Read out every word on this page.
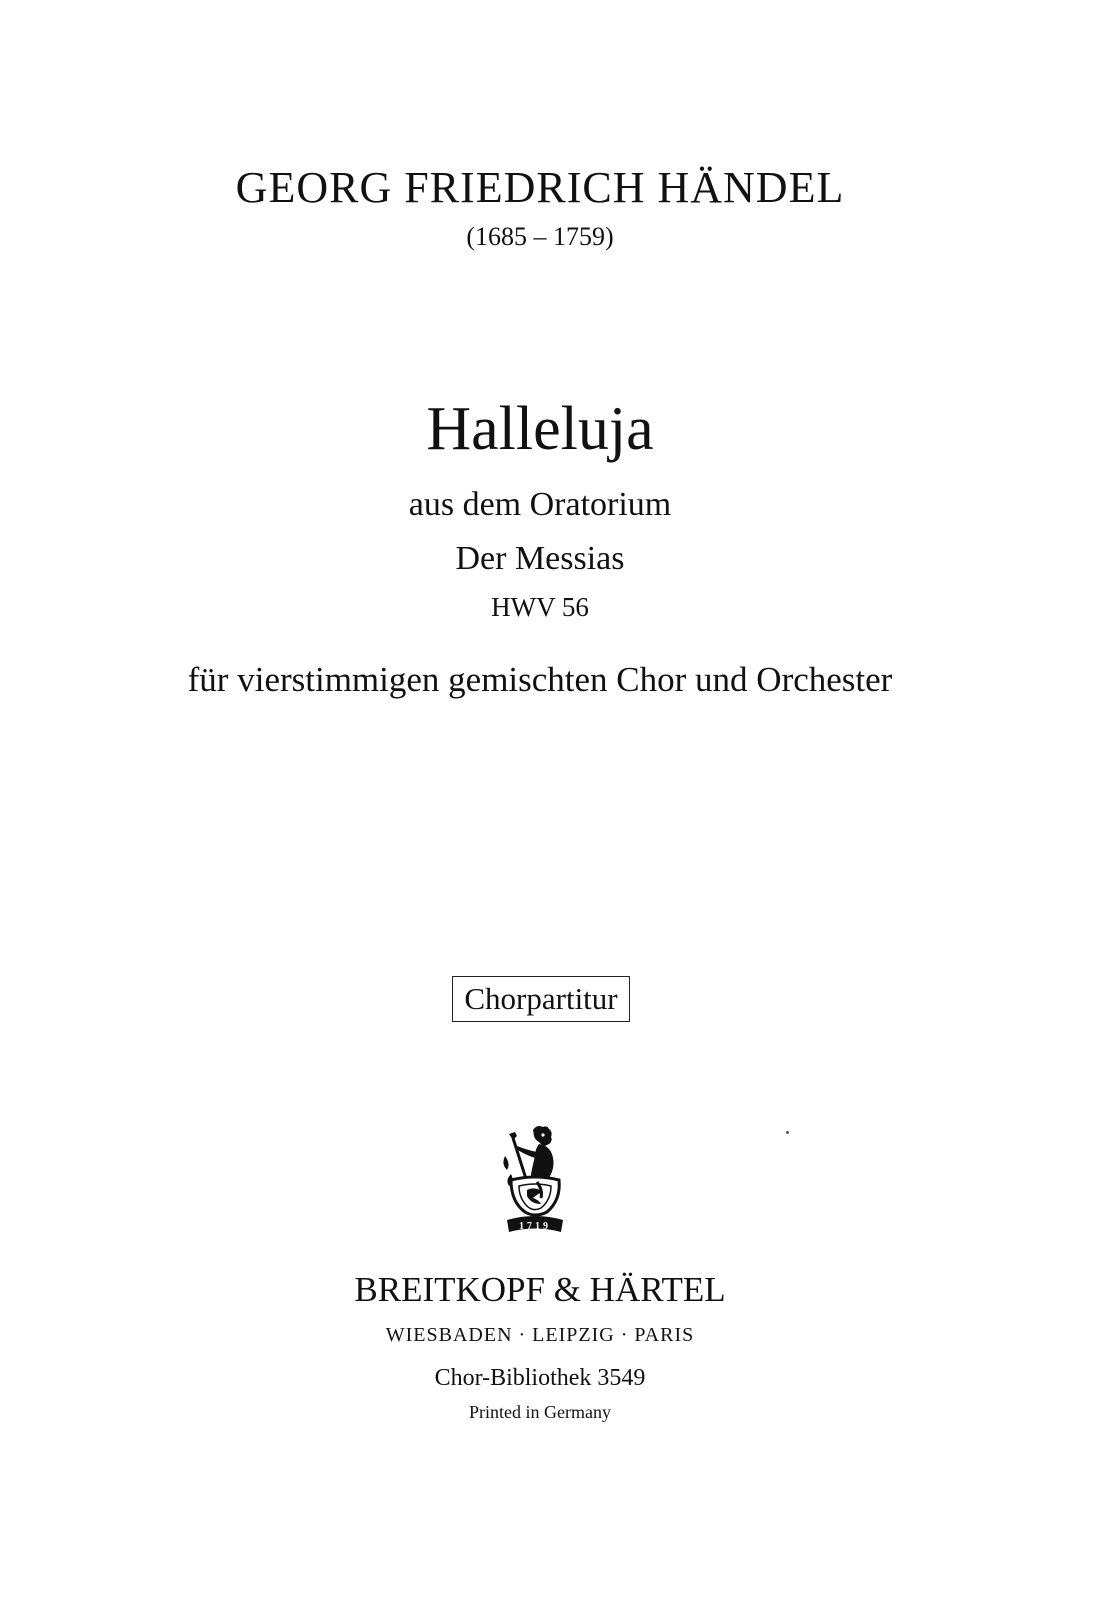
GEORG FRIEDRICH HÄNDEL
(1685 – 1759)
Halleluja
aus dem Oratorium
Der Messias
HWV 56
für vierstimmigen gemischten Chor und Orchester
Chorpartitur
1719
BREITKOPF & HÄRTEL
WIESBADEN · LEIPZIG · PARIS
Chor-Bibliothek 3549
Printed in Germany
